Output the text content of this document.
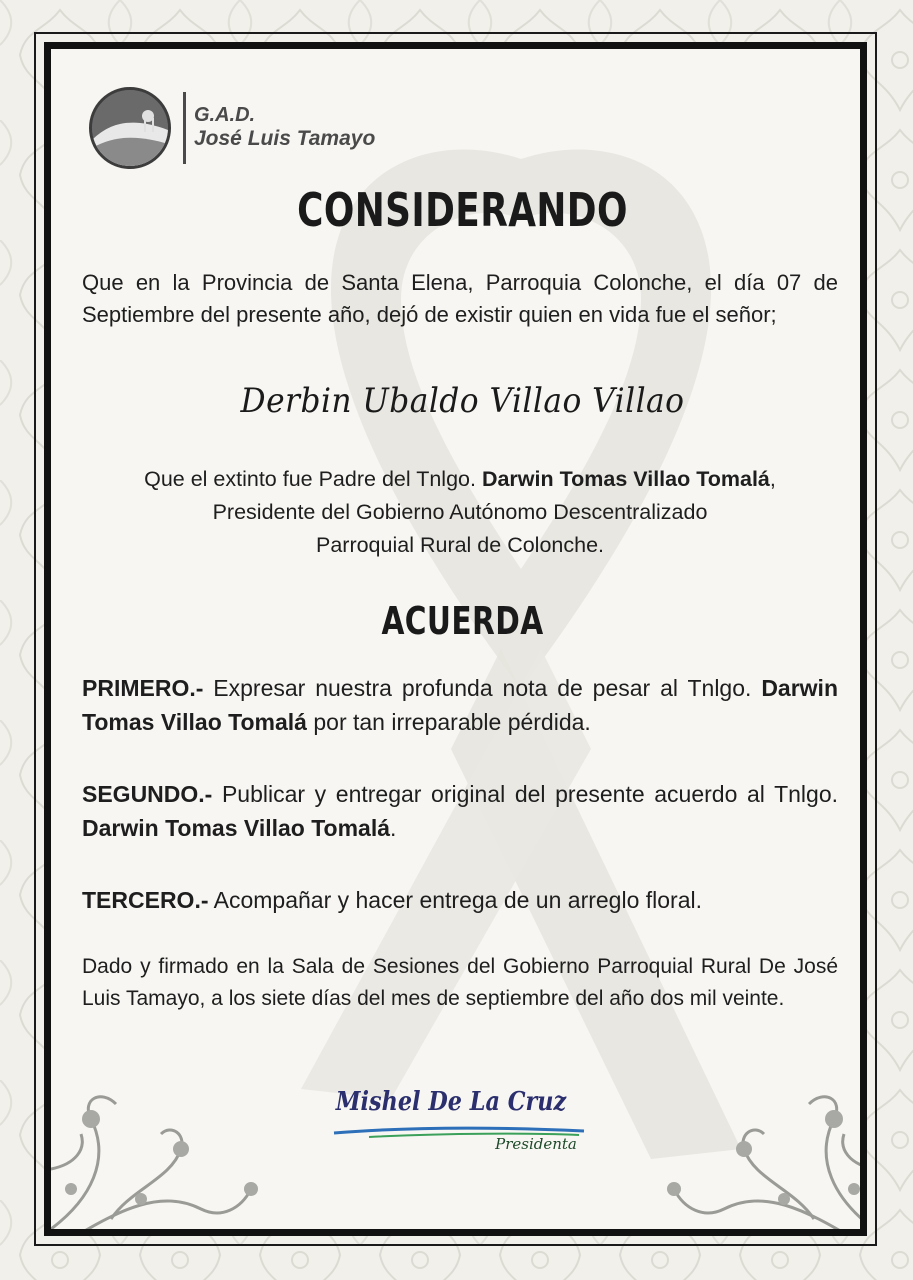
G.A.D.
José Luis Tamayo
CONSIDERANDO
Que en la Provincia de Santa Elena, Parroquia Colonche, el día 07 de Septiembre del presente año, dejó de existir quien en vida fue el señor;
Derbin Ubaldo Villao Villao
Que el extinto fue Padre del Tnlgo. Darwin Tomas Villao Tomalá,
Presidente del Gobierno Autónomo Descentralizado
Parroquial Rural de Colonche.
ACUERDA
PRIMERO.- Expresar nuestra profunda nota de pesar al Tnlgo. Darwin Tomas Villao Tomalá por tan irreparable pérdida.
SEGUNDO.- Publicar y entregar original del presente acuerdo al Tnlgo. Darwin Tomas Villao Tomalá.
TERCERO.- Acompañar y hacer entrega de un arreglo floral.
Dado y firmado en la Sala de Sesiones del Gobierno Parroquial Rural De José Luis Tamayo, a los siete días del mes de septiembre del año dos mil veinte.
Mishel De La Cruz
Presidenta
